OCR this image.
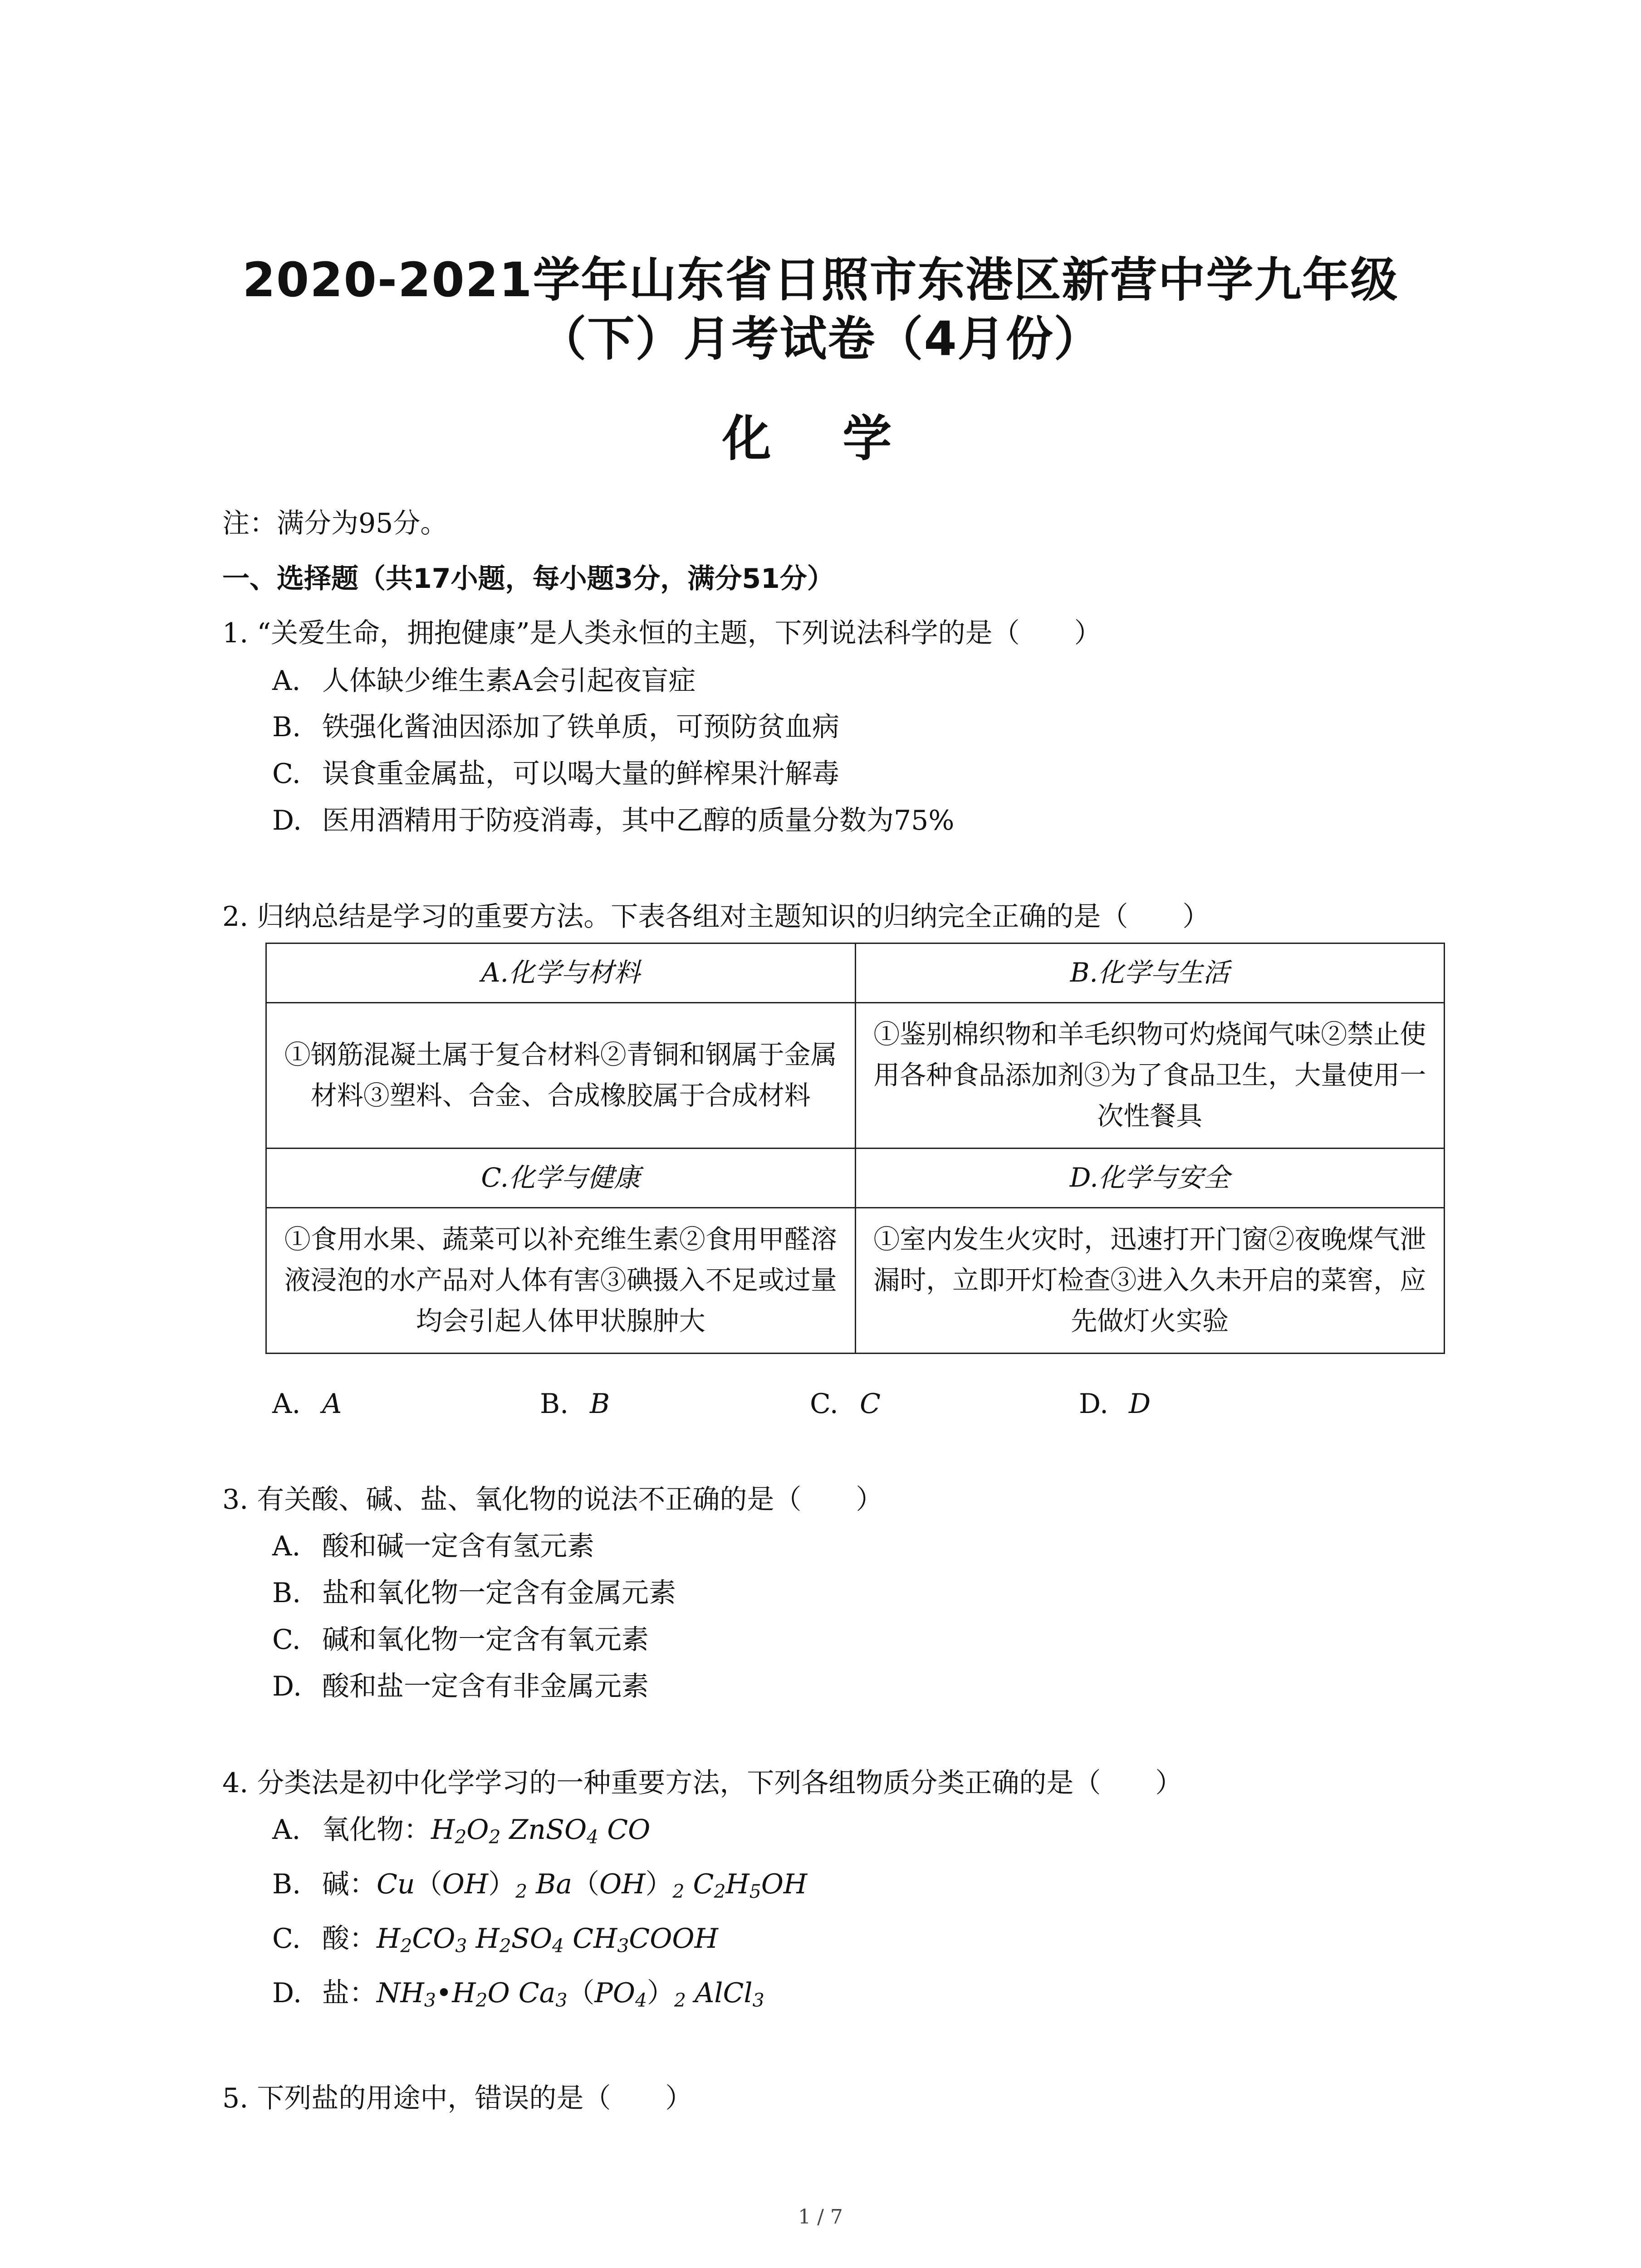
2020-2021学年山东省日照市东港区新营中学九年级
（下）月考试卷（4月份）
化 学
注：满分为95分。
一、选择题（共17小题，每小题3分，满分51分）
1. “关爱生命，拥抱健康”是人类永恒的主题，下列说法科学的是（　　）
A. 人体缺少维生素A会引起夜盲症
B. 铁强化酱油因添加了铁单质，可预防贫血病
C. 误食重金属盐，可以喝大量的鲜榨果汁解毒
D. 医用酒精用于防疫消毒，其中乙醇的质量分数为75%
2. 归纳总结是学习的重要方法。下表各组对主题知识的归纳完全正确的是（　　）
A.化学与材料	B.化学与生活
①钢筋混凝土属于复合材料②青铜和钢属于金属材料③塑料、合金、合成橡胶属于合成材料	①鉴别棉织物和羊毛织物可灼烧闻气味②禁止使用各种食品添加剂③为了食品卫生，大量使用一次性餐具
C.化学与健康	D.化学与安全
①食用水果、蔬菜可以补充维生素②食用甲醛溶液浸泡的水产品对人体有害③碘摄入不足或过量均会引起人体甲状腺肿大	①室内发生火灾时，迅速打开门窗②夜晚煤气泄漏时，立即开灯检查③进入久未开启的菜窖，应先做灯火实验
A. A	B. B	C. C	D. D
3. 有关酸、碱、盐、氧化物的说法不正确的是（　　）
A. 酸和碱一定含有氢元素
B. 盐和氧化物一定含有金属元素
C. 碱和氧化物一定含有氧元素
D. 酸和盐一定含有非金属元素
4. 分类法是初中化学学习的一种重要方法，下列各组物质分类正确的是（　　）
A. 氧化物：$H_2O_2$ ZnSO$_4$ CO
B. 碱：$Cu(OH)_2$ $Ba(OH)_2$ $C_2H_5OH$
C. 酸：$H_2CO_3$ $H_2SO_4$ $CH_3COOH$
D. 盐：$NH_3•H_2O$ $Ca_3(PO_4)_2$ AlCl$_3$
5. 下列盐的用途中，错误的是（　　）
1 / 7
